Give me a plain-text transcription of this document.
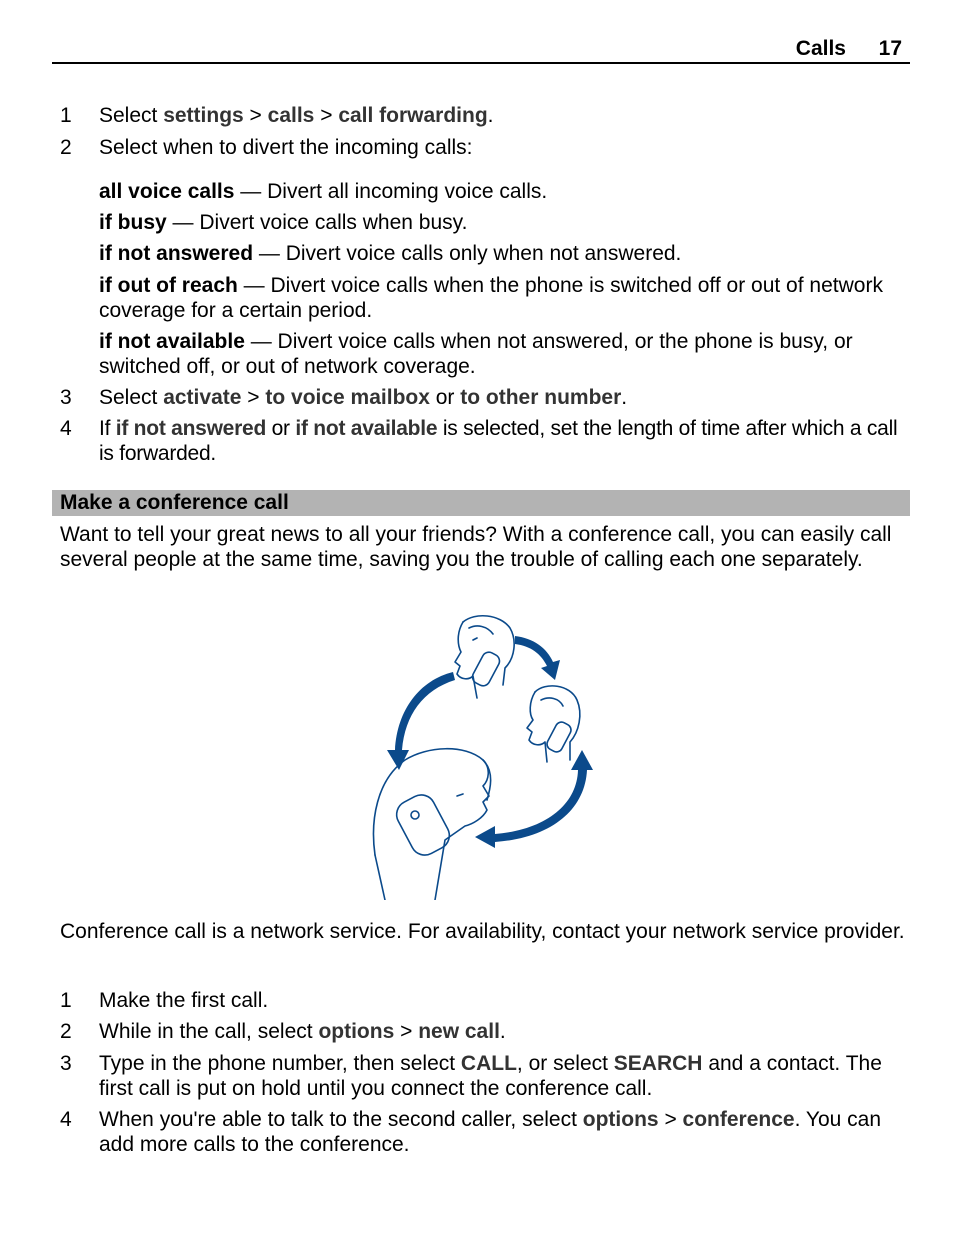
Calls 17
1	Select settings > calls > call forwarding.
2	Select when to divert the incoming calls:
all voice calls — Divert all incoming voice calls.
if busy — Divert voice calls when busy.
if not answered — Divert voice calls only when not answered.
if out of reach — Divert voice calls when the phone is switched off or out of network coverage for a certain period.
if not available — Divert voice calls when not answered, or the phone is busy, or switched off, or out of network coverage.
3	Select activate > to voice mailbox or to other number.
4	If if not answered or if not available is selected, set the length of time after which a call is forwarded.
Make a conference call
Want to tell your great news to all your friends? With a conference call, you can easily call several people at the same time, saving you the trouble of calling each one separately.
Conference call is a network service. For availability, contact your network service provider.
1	Make the first call.
2	While in the call, select options > new call.
3	Type in the phone number, then select CALL, or select SEARCH and a contact. The first call is put on hold until you connect the conference call.
4	When you're able to talk to the second caller, select options > conference. You can add more calls to the conference.
